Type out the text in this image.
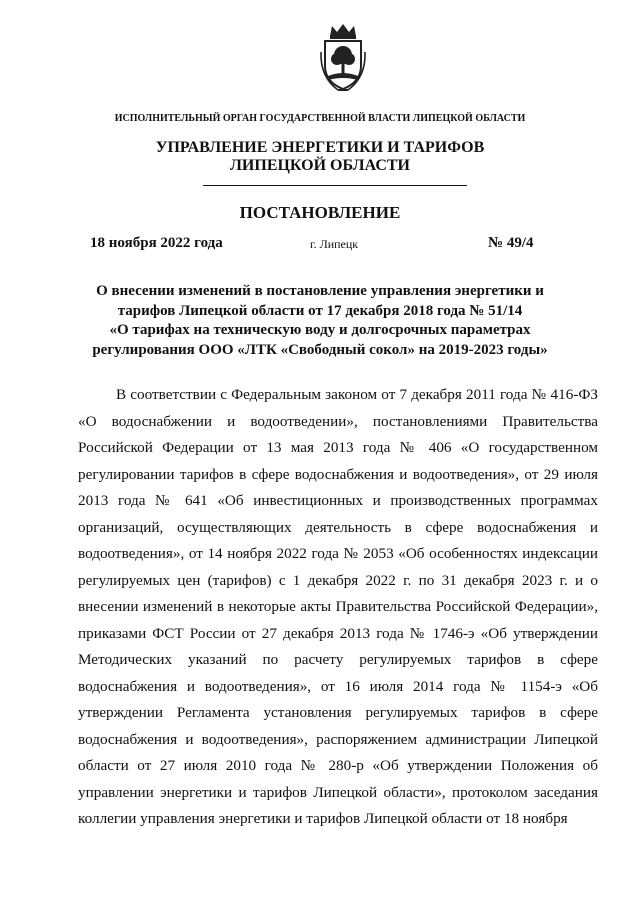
ИСПОЛНИТЕЛЬНЫЙ ОРГАН ГОСУДАРСТВЕННОЙ ВЛАСТИ ЛИПЕЦКОЙ ОБЛАСТИ
УПРАВЛЕНИЕ ЭНЕРГЕТИКИ И ТАРИФОВ
ЛИПЕЦКОЙ ОБЛАСТИ
ПОСТАНОВЛЕНИЕ
18 ноября 2022 года	г. Липецк	№ 49/4
О внесении изменений в постановление управления энергетики и
тарифов Липецкой области от 17 декабря 2018 года № 51/14
«О тарифах на техническую воду и долгосрочных параметрах
регулирования ООО «ЛТК «Свободный сокол» на 2019-2023 годы»

В соответствии с Федеральным законом от 7 декабря 2011 года № 416-ФЗ «О водоснабжении и водоотведении», постановлениями Правительства Российской Федерации от 13 мая 2013 года № 406 «О государственном регулировании тарифов в сфере водоснабжения и водоотведения», от 29 июля 2013 года № 641 «Об инвестиционных и производственных программах организаций, осуществляющих деятельность в сфере водоснабжения и водоотведения», от 14 ноября 2022 года № 2053 «Об особенностях индексации регулируемых цен (тарифов) с 1 декабря 2022 г. по 31 декабря 2023 г. и о внесении изменений в некоторые акты Правительства Российской Федерации», приказами ФСТ России от 27 декабря 2013 года № 1746-э «Об утверждении Методических указаний по расчету регулируемых тарифов в сфере водоснабжения и водоотведения», от 16 июля 2014 года № 1154-э «Об утверждении Регламента установления регулируемых тарифов в сфере водоснабжения и водоотведения», распоряжением администрации Липецкой области от 27 июля 2010 года № 280-р «Об утверждении Положения об управлении энергетики и тарифов Липецкой области», протоколом заседания коллегии управления энергетики и тарифов Липецкой области от 18 ноября
